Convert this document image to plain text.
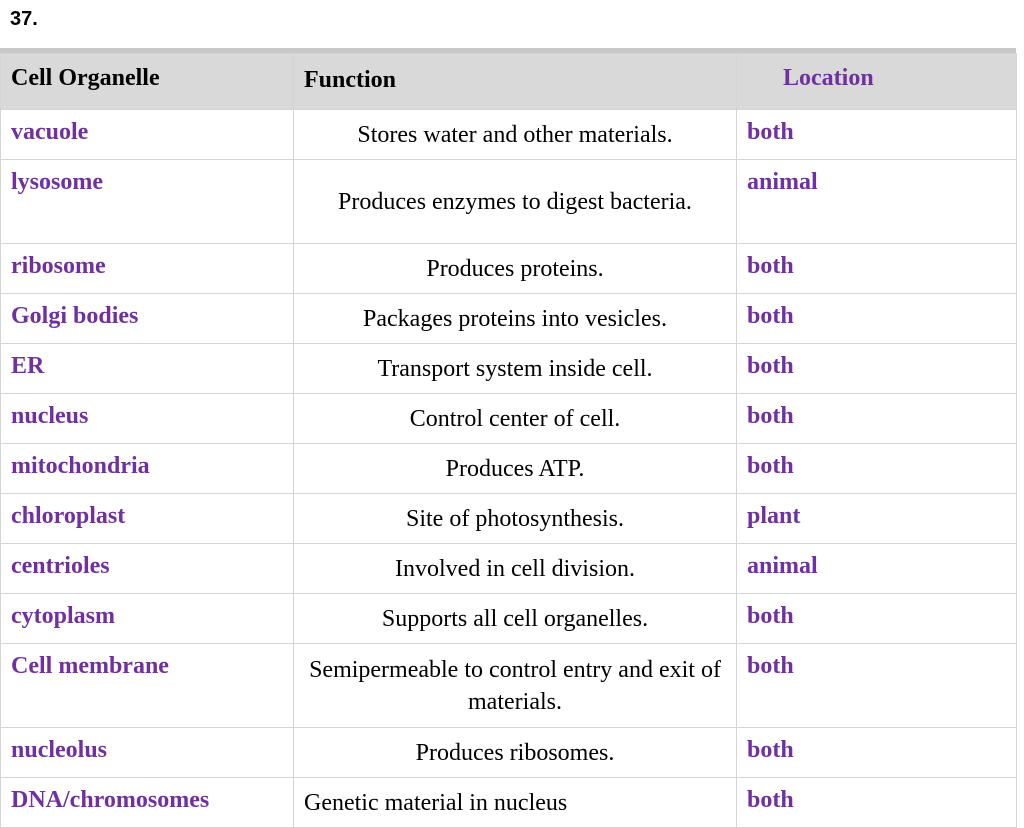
37.
Cell Organelle	Function	Location
vacuole	Stores water and other materials.	both
lysosome	Produces enzymes to digest bacteria.	animal
ribosome	Produces proteins.	both
Golgi bodies	Packages proteins into vesicles.	both
ER	Transport system inside cell.	both
nucleus	Control center of cell.	both
mitochondria	Produces ATP.	both
chloroplast	Site of photosynthesis.	plant
centrioles	Involved in cell division.	animal
cytoplasm	Supports all cell organelles.	both
Cell membrane	Semipermeable to control entry and exit of materials.	both
nucleolus	Produces ribosomes.	both
DNA/chromosomes	Genetic material in nucleus	both
